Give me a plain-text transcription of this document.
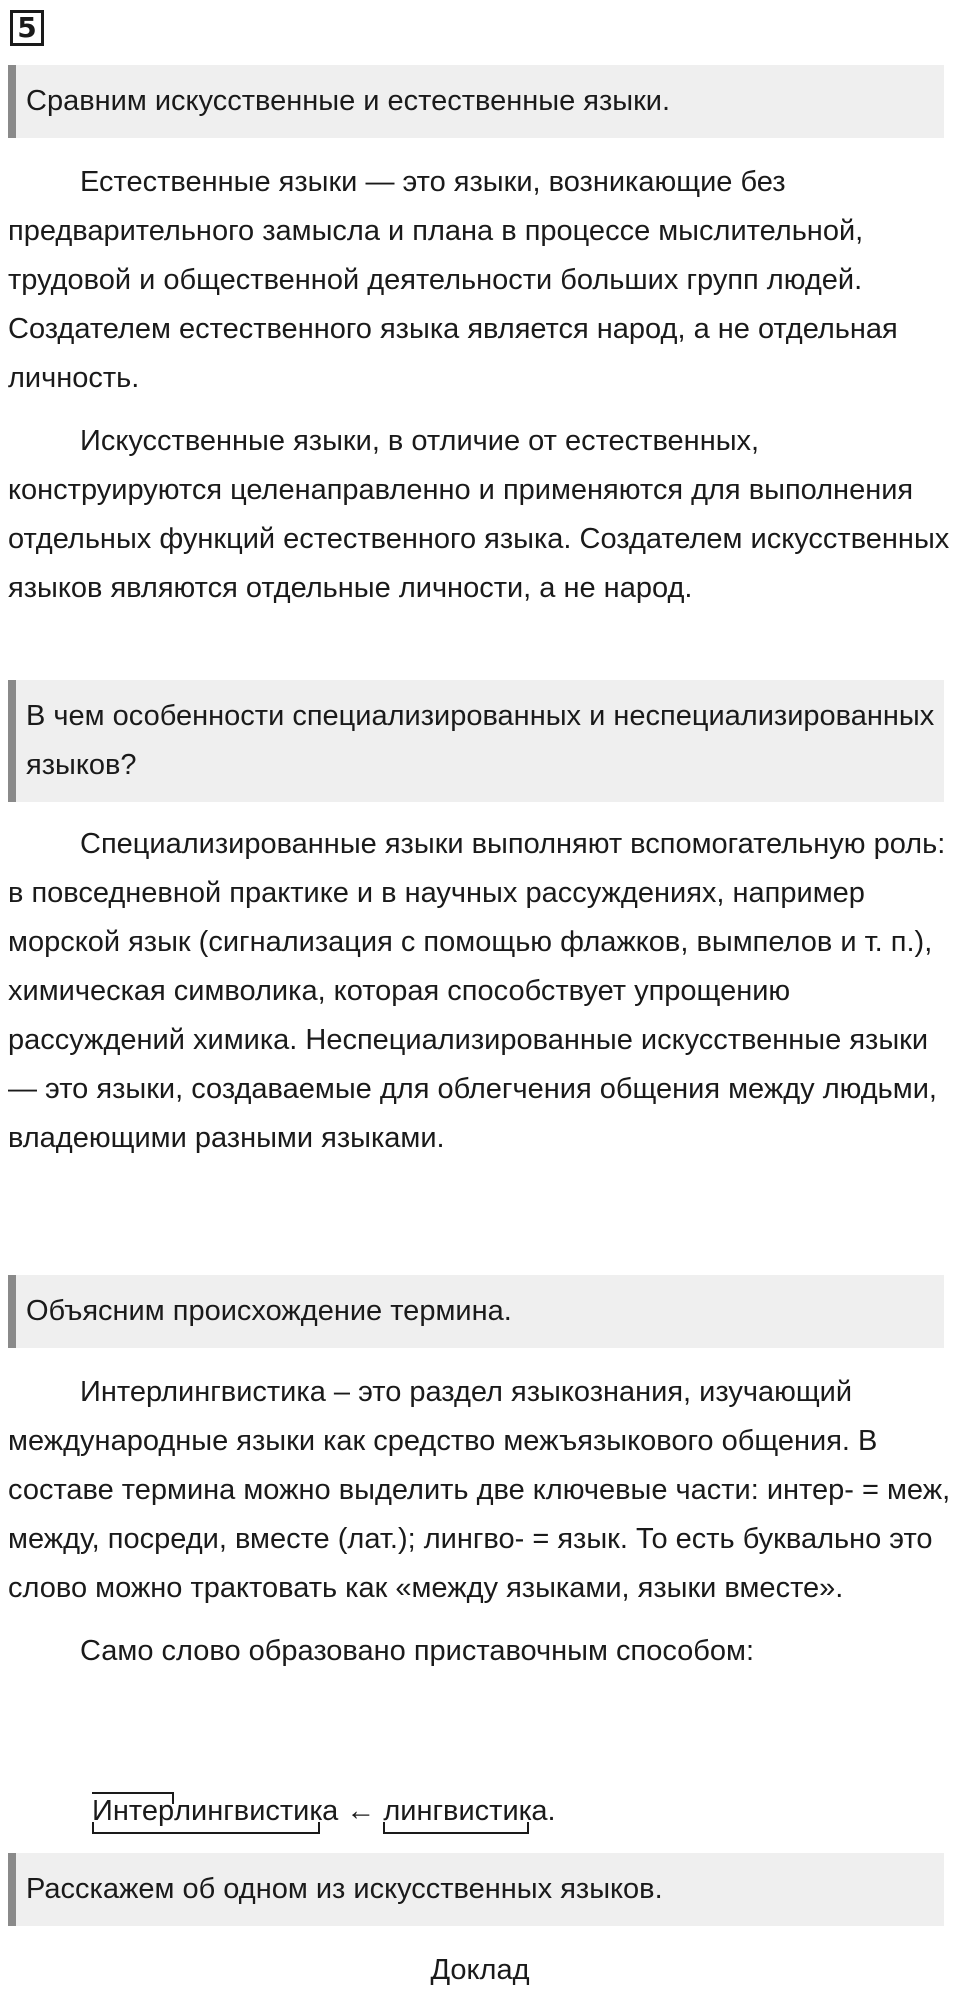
5
Сравним искусственные и естественные языки.

Естественные языки — это языки, возникающие без предварительного замысла и плана в процессе мыслительной, трудовой и общественной деятельности больших групп людей. Создателем естественного языка является народ, а не отдельная личность.

Искусственные языки, в отличие от естественных, конструируются целенаправленно и применяются для выполнения отдельных функций естественного языка. Создателем искусственных языков являются отдельные личности, а не народ.

В чем особенности специализированных и неспециализированных языков?

Специализированные языки выполняют вспомогательную роль: в повседневной практике и в научных рассуждениях, например морской язык (сигнализация с помощью флажков, вымпелов и т. п.), химическая символика, которая способствует упрощению рассуждений химика. Неспециализированные искусственные языки — это языки, создаваемые для облегчения общения между людьми, владеющими разными языками.

Объясним происхождение термина.

Интерлингвистика – это раздел языкознания, изучающий международные языки как средство межъязыкового общения. В составе термина можно выделить две ключевые части: интер- = меж, между, посреди, вместе (лат.); лингво- = язык. То есть буквально это слово можно трактовать как «между языками, языки вместе».

Само слово образовано приставочным способом:

Интерлингвистик
а ← лингвистик
а.
Расскажем об одном из искусственных языков.
Доклад
